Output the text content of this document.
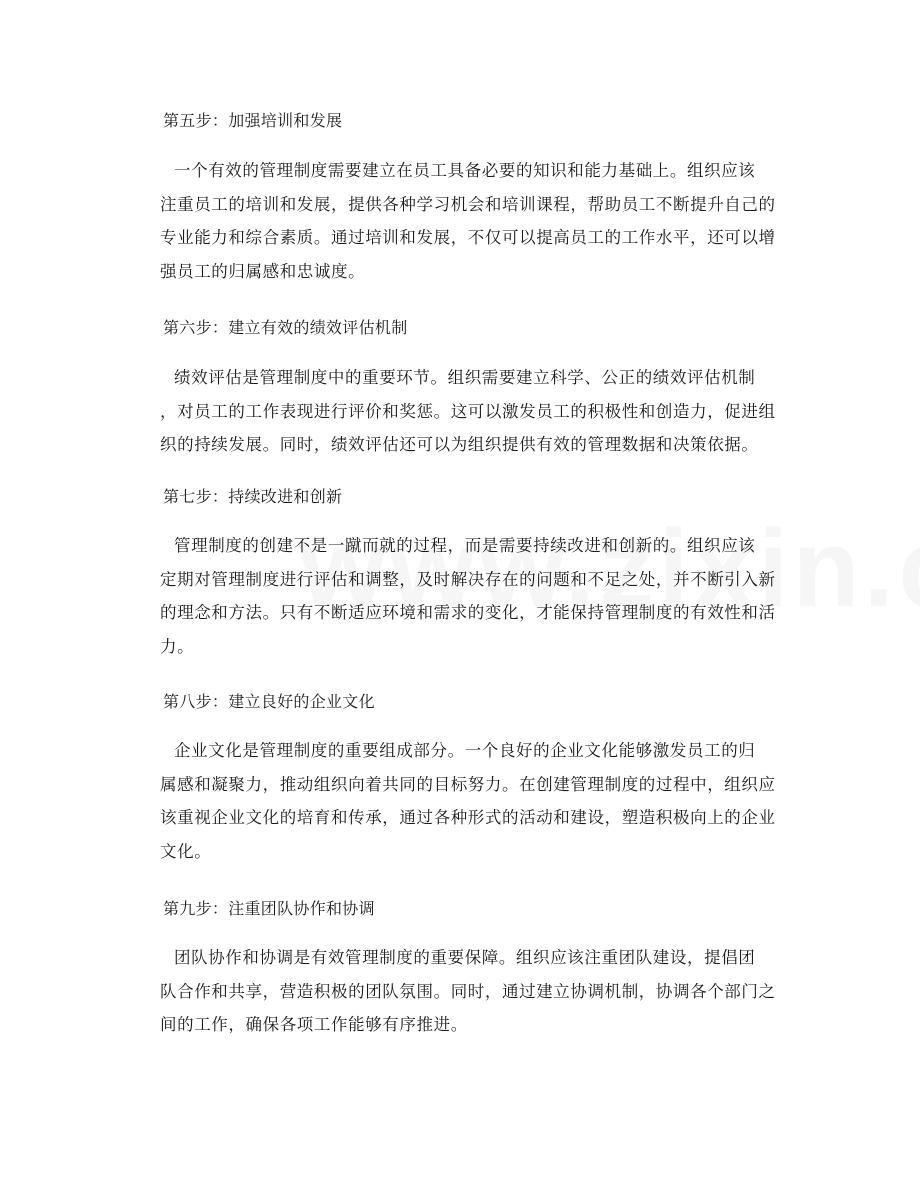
第五步：加强培训和发展
一个有效的管理制度需要建立在员工具备必要的知识和能力基础上。组织应该
注重员工的培训和发展，提供各种学习机会和培训课程，帮助员工不断提升自己的
专业能力和综合素质。通过培训和发展，不仅可以提高员工的工作水平，还可以增
强员工的归属感和忠诚度。
第六步：建立有效的绩效评估机制
绩效评估是管理制度中的重要环节。组织需要建立科学、公正的绩效评估机制
，对员工的工作表现进行评价和奖惩。这可以激发员工的积极性和创造力，促进组
织的持续发展。同时，绩效评估还可以为组织提供有效的管理数据和决策依据。
第七步：持续改进和创新
管理制度的创建不是一蹴而就的过程，而是需要持续改进和创新的。组织应该
定期对管理制度进行评估和调整，及时解决存在的问题和不足之处，并不断引入新
的理念和方法。只有不断适应环境和需求的变化，才能保持管理制度的有效性和活
力。
第八步：建立良好的企业文化
企业文化是管理制度的重要组成部分。一个良好的企业文化能够激发员工的归
属感和凝聚力，推动组织向着共同的目标努力。在创建管理制度的过程中，组织应
该重视企业文化的培育和传承，通过各种形式的活动和建设，塑造积极向上的企业
文化。
第九步：注重团队协作和协调
团队协作和协调是有效管理制度的重要保障。组织应该注重团队建设，提倡团
队合作和共享，营造积极的团队氛围。同时，通过建立协调机制，协调各个部门之
间的工作，确保各项工作能够有序推进。
